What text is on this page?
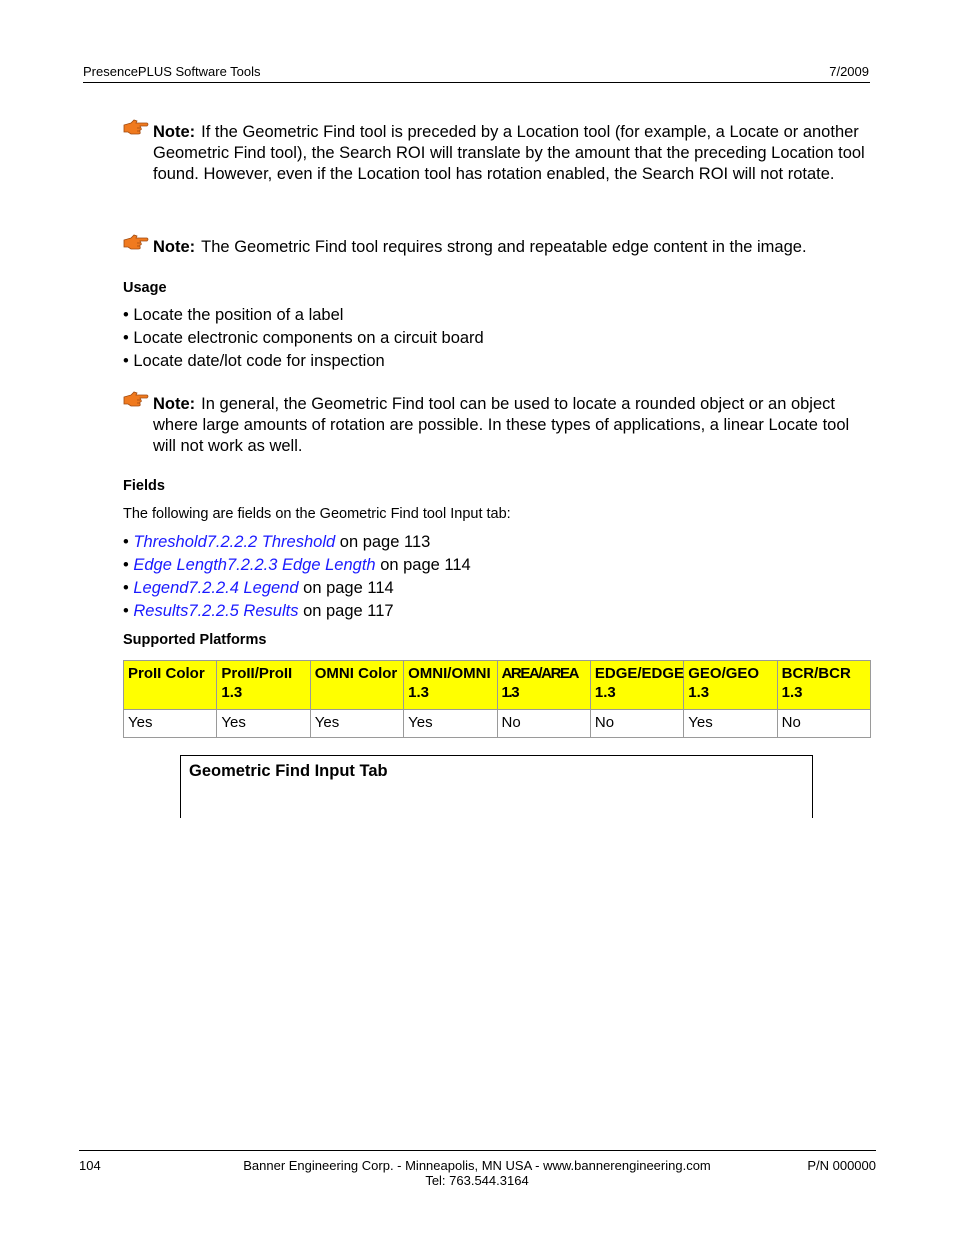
PresencePLUS Software Tools	7/2009
Note: If the Geometric Find tool is preceded by a Location tool (for example, a Locate or another Geometric Find tool), the Search ROI will translate by the amount that the preceding Location tool found. However, even if the Location tool has rotation enabled, the Search ROI will not rotate.
Note: The Geometric Find tool requires strong and repeatable edge content in the image.
Usage
• Locate the position of a label
• Locate electronic components on a circuit board
• Locate date/lot code for inspection
Note: In general, the Geometric Find tool can be used to locate a rounded object or an object where large amounts of rotation are possible. In these types of applications, a linear Locate tool will not work as well.
Fields
The following are fields on the Geometric Find tool Input tab:
• Threshold7.2.2.2 Threshold on page 113
• Edge Length7.2.2.3 Edge Length on page 114
• Legend7.2.2.4 Legend on page 114
• Results7.2.2.5 Results on page 117
Supported Platforms
ProII Color	ProII/ProII 1.3	OMNI Color	OMNI/OMNI 1.3	AREA/AREA 1.3	EDGE/EDGE 1.3	GEO/GEO 1.3	BCR/BCR 1.3
Yes	Yes	Yes	Yes	No	No	Yes	No
Geometric Find Input Tab
104	Banner Engineering Corp. - Minneapolis, MN USA - www.bannerengineering.com
Tel: 763.544.3164
P/N 000000
